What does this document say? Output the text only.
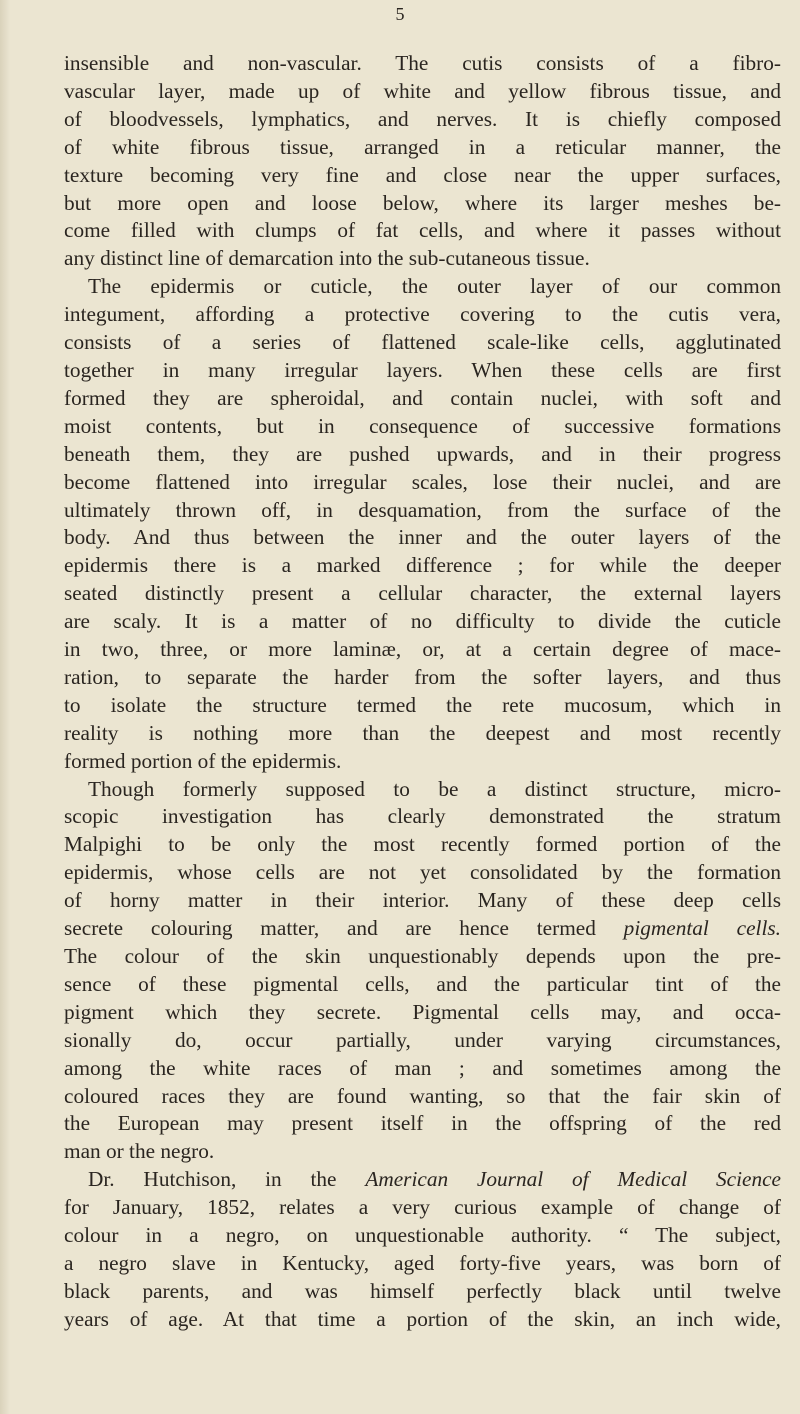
5
insensible and non-vascular. The cutis consists of a fibro-
vascular layer, made up of white and yellow fibrous tissue, and
of bloodvessels, lymphatics, and nerves. It is chiefly composed
of white fibrous tissue, arranged in a reticular manner, the
texture becoming very fine and close near the upper surfaces,
but more open and loose below, where its larger meshes be-
come filled with clumps of fat cells, and where it passes without
any distinct line of demarcation into the sub-cutaneous tissue.
The epidermis or cuticle, the outer layer of our common
integument, affording a protective covering to the cutis vera,
consists of a series of flattened scale-like cells, agglutinated
together in many irregular layers. When these cells are first
formed they are spheroidal, and contain nuclei, with soft and
moist contents, but in consequence of successive formations
beneath them, they are pushed upwards, and in their progress
become flattened into irregular scales, lose their nuclei, and are
ultimately thrown off, in desquamation, from the surface of the
body. And thus between the inner and the outer layers of the
epidermis there is a marked difference ; for while the deeper
seated distinctly present a cellular character, the external layers
are scaly. It is a matter of no difficulty to divide the cuticle
in two, three, or more laminæ, or, at a certain degree of mace-
ration, to separate the harder from the softer layers, and thus
to isolate the structure termed the rete mucosum, which in
reality is nothing more than the deepest and most recently
formed portion of the epidermis.
Though formerly supposed to be a distinct structure, micro-
scopic investigation has clearly demonstrated the stratum
Malpighi to be only the most recently formed portion of the
epidermis, whose cells are not yet consolidated by the formation
of horny matter in their interior. Many of these deep cells
secrete colouring matter, and are hence termed pigmental cells.
The colour of the skin unquestionably depends upon the pre-
sence of these pigmental cells, and the particular tint of the
pigment which they secrete. Pigmental cells may, and occa-
sionally do, occur partially, under varying circumstances,
among the white races of man ; and sometimes among the
coloured races they are found wanting, so that the fair skin of
the European may present itself in the offspring of the red
man or the negro.
Dr. Hutchison, in the American Journal of Medical Science
for January, 1852, relates a very curious example of change of
colour in a negro, on unquestionable authority. “ The subject,
a negro slave in Kentucky, aged forty-five years, was born of
black parents, and was himself perfectly black until twelve
years of age. At that time a portion of the skin, an inch wide,
